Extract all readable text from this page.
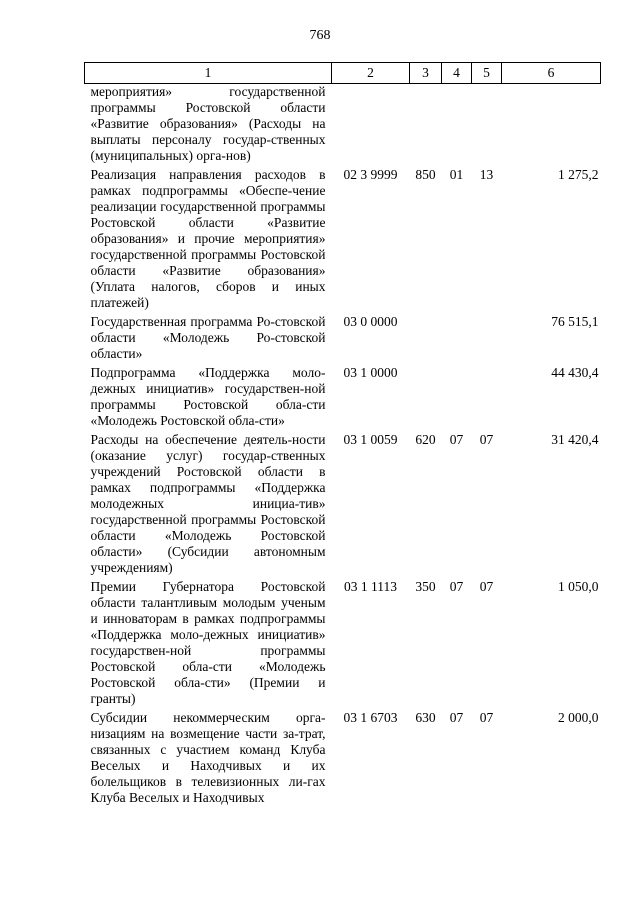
768
1	2	3	4	5	6
мероприятия» государственной программы Ростовской области «Развитие образования» (Расходы на выплаты персоналу государ-ственных (муниципальных) орга-нов)					
Реализация направления расходов в рамках подпрограммы «Обеспе-чение реализации государственной программы Ростовской области «Развитие образования» и прочие мероприятия» государственной программы Ростовской области «Развитие образования» (Уплата налогов, сборов и иных платежей)	02 3 9999	850	01	13	1 275,2
Государственная программа Ро-стовской области «Молодежь Ро-стовской области»	03 0 0000				76 515,1
Подпрограмма «Поддержка моло-дежных инициатив» государствен-ной программы Ростовской обла-сти «Молодежь Ростовской обла-сти»	03 1 0000				44 430,4
Расходы на обеспечение деятель-ности (оказание услуг) государ-ственных учреждений Ростовской области в рамках подпрограммы «Поддержка молодежных инициа-тив» государственной программы Ростовской области «Молодежь Ростовской области» (Субсидии автономным учреждениям)	03 1 0059	620	07	07	31 420,4
Премии Губернатора Ростовской области талантливым молодым ученым и инноваторам в рамках подпрограммы «Поддержка моло-дежных инициатив» государствен-ной программы Ростовской обла-сти «Молодежь Ростовской обла-сти» (Премии и гранты)	03 1 1113	350	07	07	1 050,0
Субсидии некоммерческим орга-низациям на возмещение части за-трат, связанных с участием команд Клуба Веселых и Находчивых и их болельщиков в телевизионных ли-гах Клуба Веселых и Находчивых	03 1 6703	630	07	07	2 000,0
